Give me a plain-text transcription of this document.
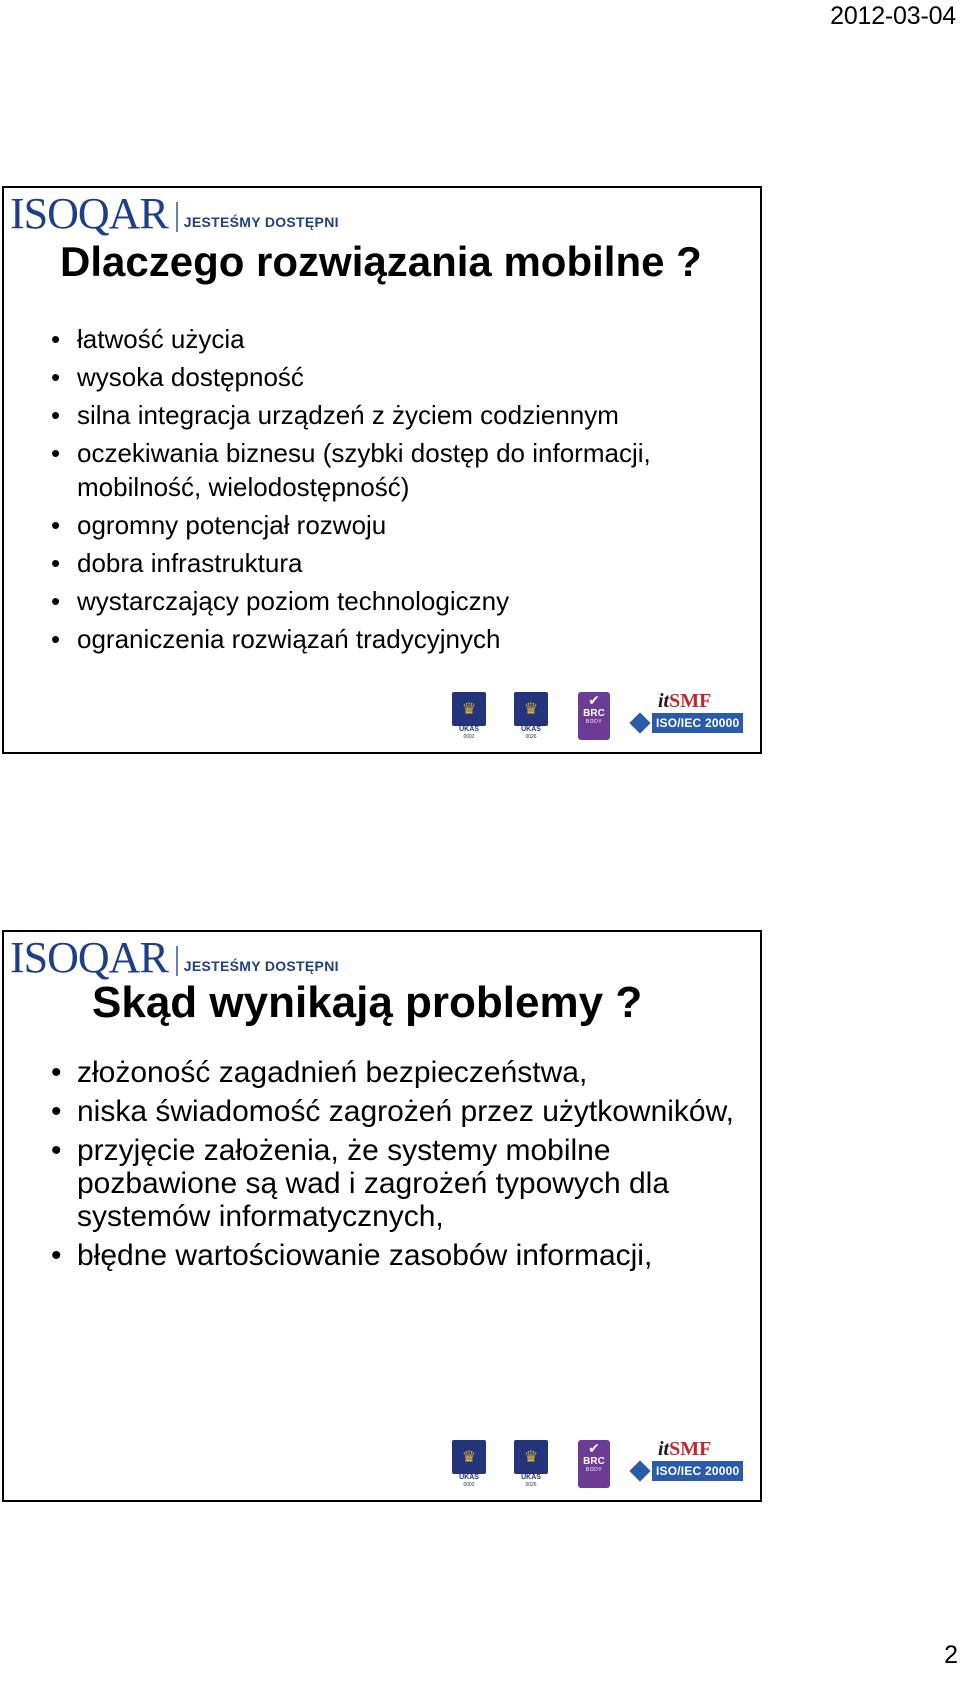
2012-03-04
ISOQAR JESTEŚMY DOSTĘPNI
Dlaczego rozwiązania mobilne ?
• łatwość użycia
• wysoka dostępność
• silna integracja urządzeń z życiem codziennym
• oczekiwania biznesu (szybki dostęp do informacji, mobilność, wielodostępność)
• ogromny potencjał rozwoju
• dobra infrastruktura
• wystarczający poziom technologiczny
• ograniczenia rozwiązań tradycyjnych
♛
UKAS
0002
♛
UKAS
0026
✔
BRC
BODY
itSMF
ISO/IEC 20000
ISOQAR JESTEŚMY DOSTĘPNI
Skąd wynikają problemy ?
• złożoność zagadnień bezpieczeństwa,
• niska świadomość zagrożeń przez użytkowników,
• przyjęcie założenia, że systemy mobilne pozbawione są wad i zagrożeń typowych dla systemów informatycznych,
• błędne wartościowanie zasobów informacji,
♛
UKAS
0002
♛
UKAS
0026
✔
BRC
BODY
itSMF
ISO/IEC 20000
2
